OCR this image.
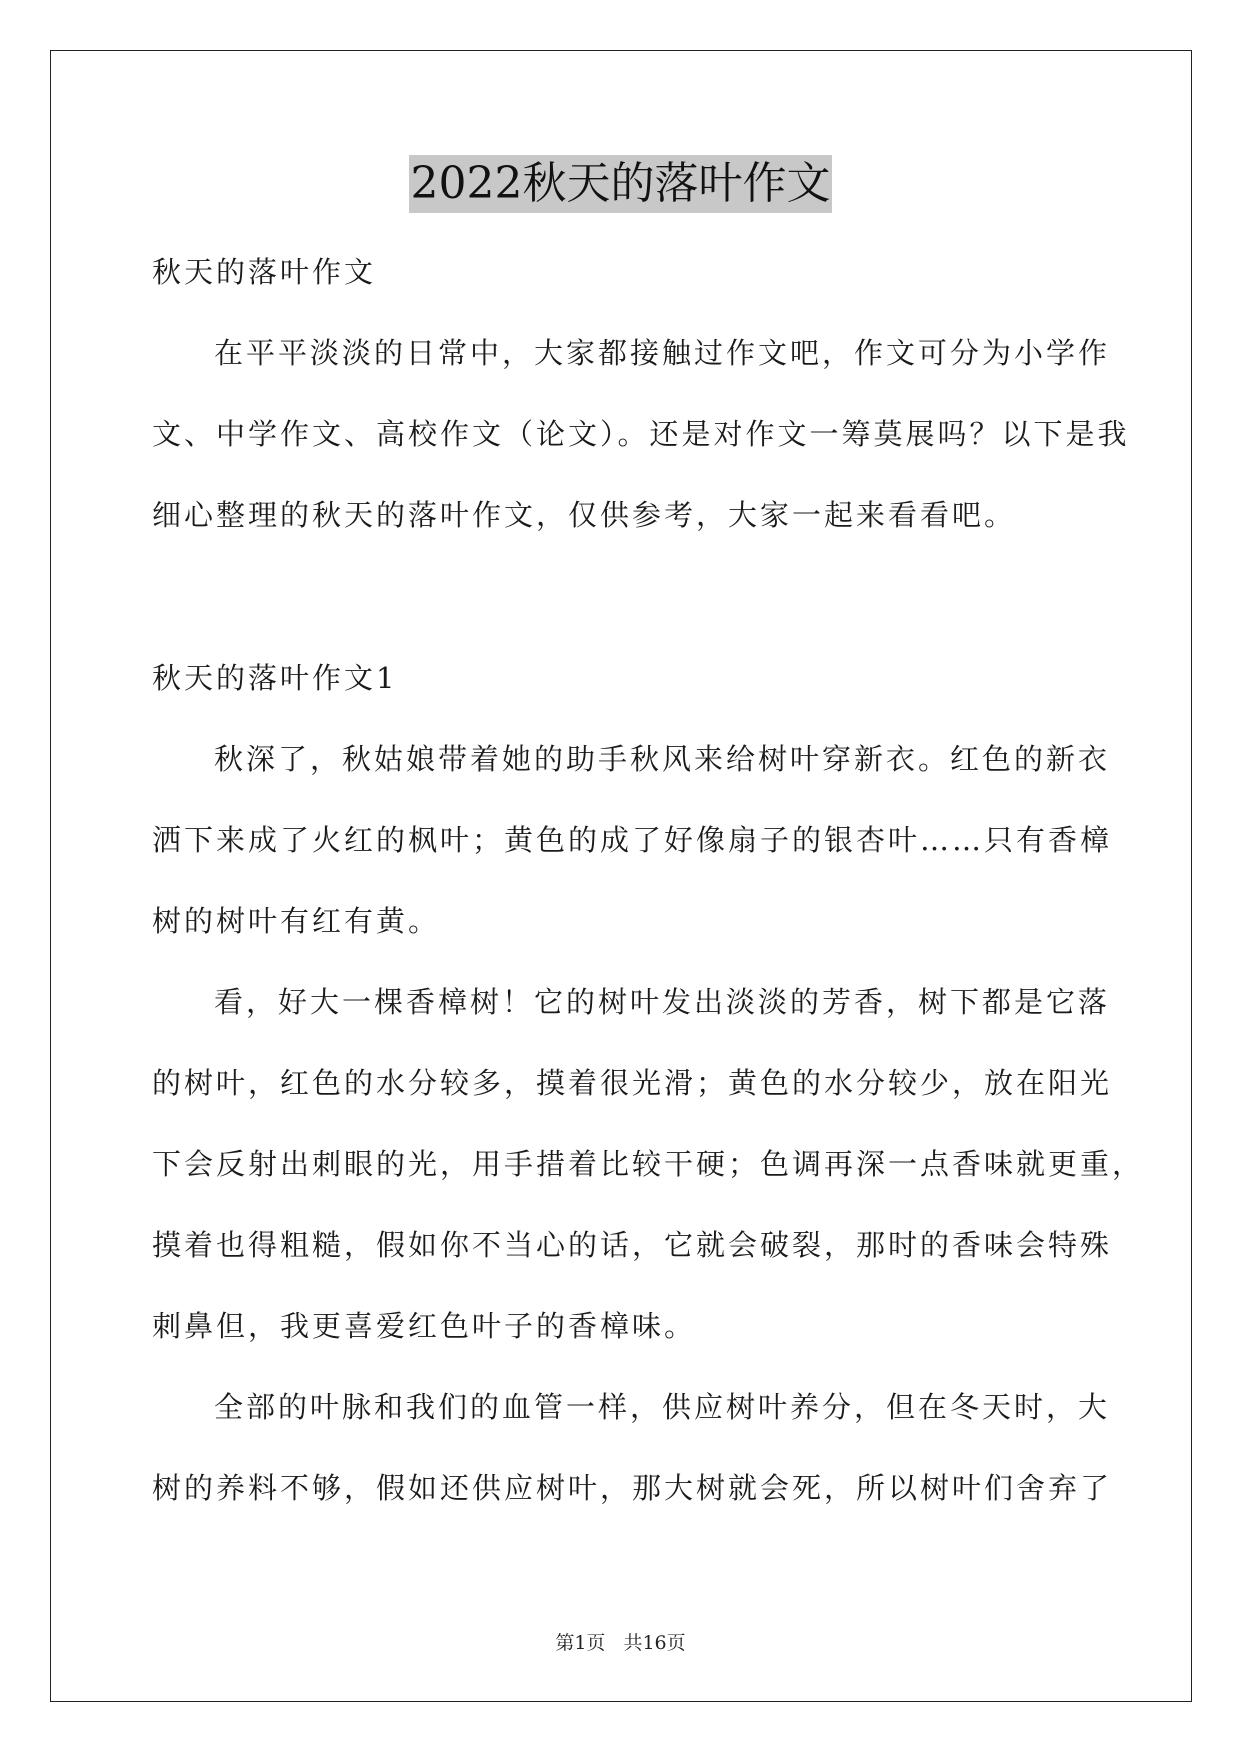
2022秋天的落叶作文
秋天的落叶作文
在平平淡淡的日常中，大家都接触过作文吧，作文可分为小学作
文、中学作文、高校作文（论文）。还是对作文一筹莫展吗？以下是我
细心整理的秋天的落叶作文，仅供参考，大家一起来看看吧。
秋天的落叶作文1
秋深了，秋姑娘带着她的助手秋风来给树叶穿新衣。红色的新衣
洒下来成了火红的枫叶；黄色的成了好像扇子的银杏叶……只有香樟
树的树叶有红有黄。
看，好大一棵香樟树！它的树叶发出淡淡的芳香，树下都是它落
的树叶，红色的水分较多，摸着很光滑；黄色的水分较少，放在阳光
下会反射出刺眼的光，用手措着比较干硬；色调再深一点香味就更重，
摸着也得粗糙，假如你不当心的话，它就会破裂，那时的香味会特殊
刺鼻但，我更喜爱红色叶子的香樟味。
全部的叶脉和我们的血管一样，供应树叶养分，但在冬天时，大
树的养料不够，假如还供应树叶，那大树就会死，所以树叶们舍弃了
第1页 共16页
